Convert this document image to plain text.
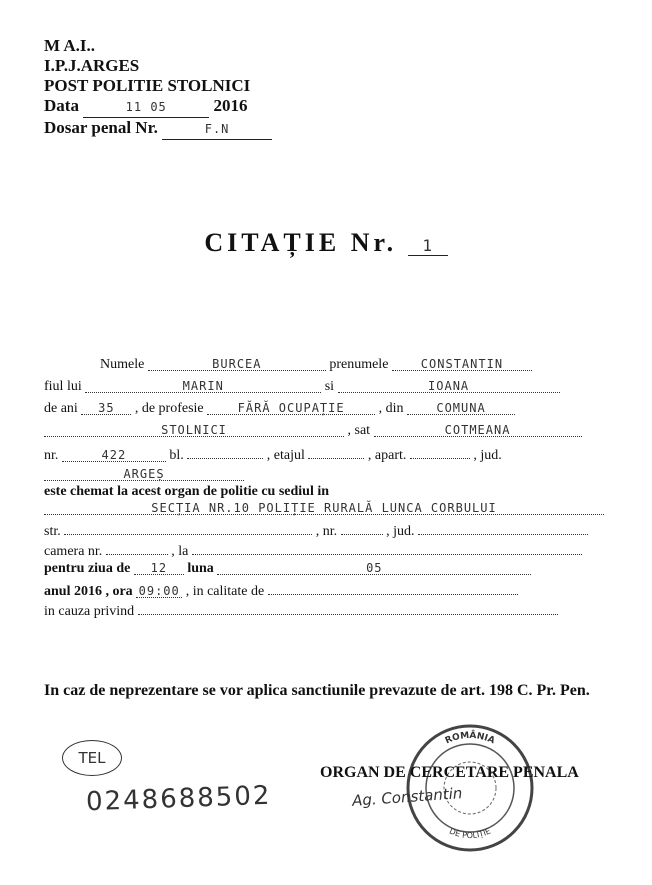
M A.I..
I.P.J.ARGES
POST POLITIE STOLNICI
Data	11 05	2016
Dosar penal Nr.	F.N
CITAȚIE Nr. 1
Numele	BURCEA	prenumele	CONSTANTIN
fiul lui	MARIN	si	IOANA
de ani 35 , de profesie	FĂRĂ OCUPAȚIE , din	COMUNA
STOLNICI	, sat	COTMEANA
nr.	422	bl.	, etajul	, apart.	, jud.
ARGEȘ
este chemat la acest organ de politie cu sediul in
SECȚIA NR.10 POLIȚIE RURALĂ LUNCA CORBULUI
str.	, nr.	, jud.
camera nr.	, la
pentru ziua de 12 luna	05
anul 2016 , ora 09:00 , in calitate de
in cauza privind
In caz de neprezentare se vor aplica sanctiunile prevazute de art. 198 C. Pr. Pen.
TEL
0248688502
ROMÂNIA
DE POLIȚIE
ORGAN DE CERCETARE PENALA
Ag. Constantin
